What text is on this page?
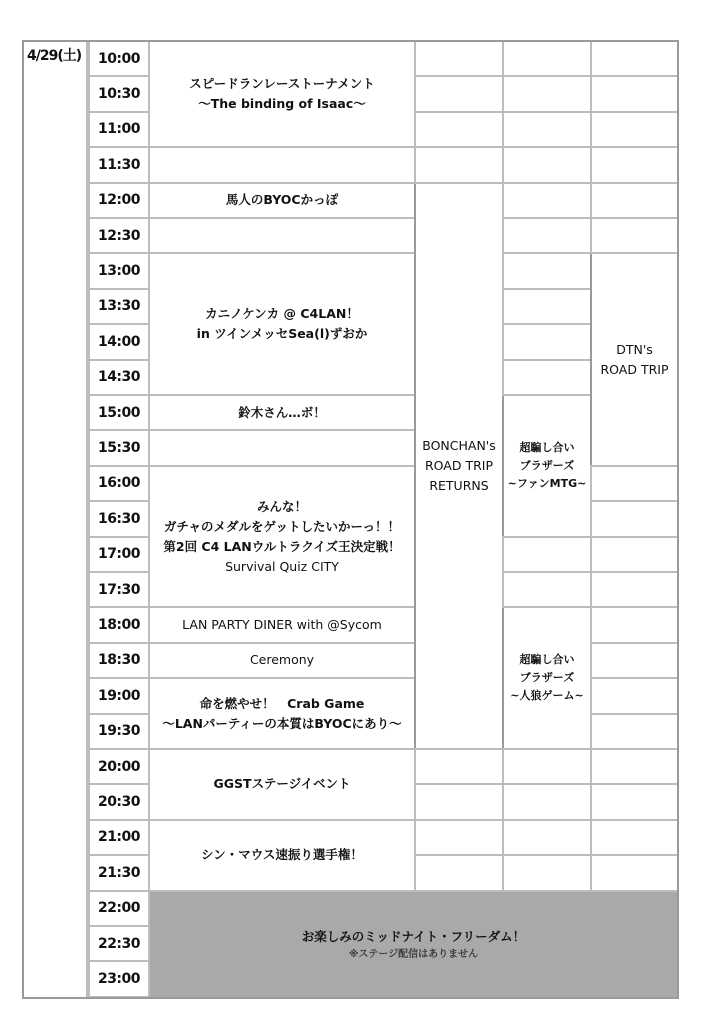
4/29(土)
お楽しみのミッドナイト・フリーダム！
※ステージ配信はありません
10:00
10:30
11:00
11:30
12:00
12:30
13:00
13:30
14:00
14:30
15:00
15:30
16:00
16:30
17:00
17:30
18:00
18:30
19:00
19:30
20:00
20:30
21:00
21:30
22:00
22:30
23:00
スピードランレーストーナメント
～The binding of Isaac～
馬人のBYOCかっぽ
カニノケンカ @ C4LAN！
in ツインメッセSea(l)ずおか
鈴木さん…ボ！
みんな！
ガチャのメダルをゲットしたいかーっ！！
第2回 C4 LANウルトラクイズ王決定戦！
Survival Quiz CITY
LAN PARTY DINER with @Sycom
Ceremony
命を燃やせ！　Crab Game
～LANパーティーの本質はBYOCにあり～
GGSTステージイベント
シン・マウス速振り選手権！
BONCHAN's
ROAD TRIP
RETURNS
超騙し合い
ブラザーズ
~ファンMTG~
超騙し合い
ブラザーズ
~人狼ゲーム~
DTN's
ROAD TRIP
